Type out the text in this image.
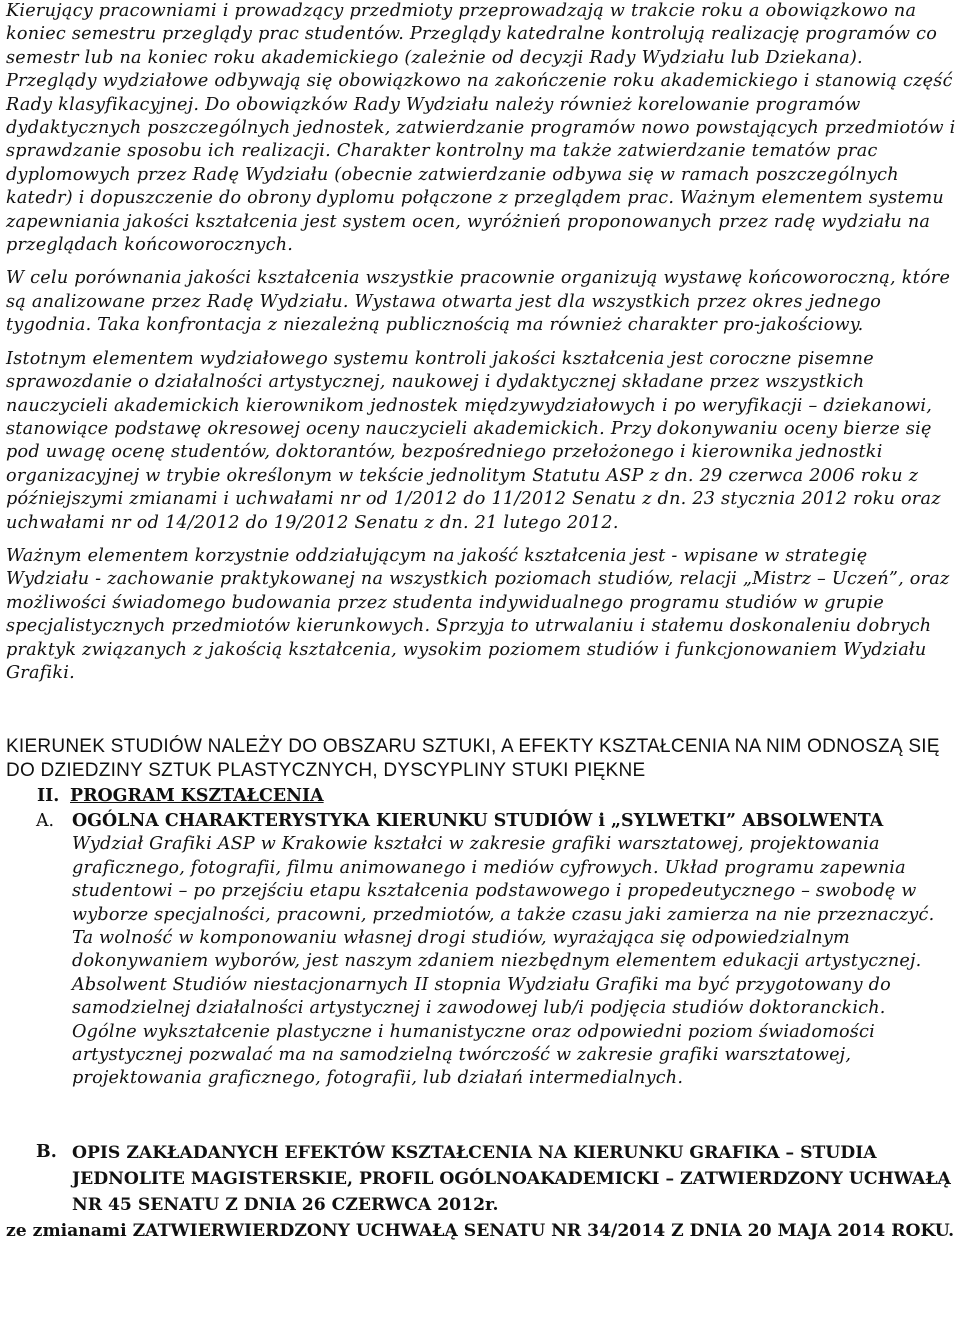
Kierujący pracowniami i prowadzący przedmioty przeprowadzają w trakcie roku a obowiązkowo na koniec semestru przeglądy prac studentów. Przeglądy katedralne kontrolują realizację programów co semestr lub na koniec roku akademickiego (zależnie od decyzji Rady Wydziału lub Dziekana). Przeglądy wydziałowe odbywają się obowiązkowo na zakończenie roku akademickiego i stanowią część Rady klasyfikacyjnej. Do obowiązków Rady Wydziału należy również korelowanie programów dydaktycznych poszczególnych jednostek, zatwierdzanie programów nowo powstających przedmiotów i sprawdzanie sposobu ich realizacji. Charakter kontrolny ma także zatwierdzanie tematów prac dyplomowych przez Radę Wydziału (obecnie zatwierdzanie odbywa się w ramach poszczególnych katedr) i dopuszczenie do obrony dyplomu połączone z przeglądem prac. Ważnym elementem systemu zapewniania jakości kształcenia jest system ocen, wyróżnień proponowanych przez radę wydziału na przeglądach końcoworocznych.

W celu porównania jakości kształcenia wszystkie pracownie organizują wystawę końcoworoczną, które są analizowane przez Radę Wydziału. Wystawa otwarta jest dla wszystkich przez okres jednego tygodnia. Taka konfrontacja z niezależną publicznością ma również charakter pro-jakościowy.

Istotnym elementem wydziałowego systemu kontroli jakości kształcenia jest coroczne pisemne sprawozdanie o działalności artystycznej, naukowej i dydaktycznej składane przez wszystkich nauczycieli akademickich kierownikom jednostek międzywydziałowych i po weryfikacji – dziekanowi, stanowiące podstawę okresowej oceny nauczycieli akademickich. Przy dokonywaniu oceny bierze się pod uwagę ocenę studentów, doktorantów, bezpośredniego przełożonego i kierownika jednostki organizacyjnej w trybie określonym w tekście jednolitym Statutu ASP z dn. 29 czerwca 2006 roku z późniejszymi zmianami i uchwałami nr od 1/2012 do 11/2012 Senatu z dn. 23 stycznia 2012 roku oraz uchwałami nr od 14/2012 do 19/2012 Senatu z dn. 21 lutego 2012.

Ważnym elementem korzystnie oddziałującym na jakość kształcenia jest - wpisane w strategię Wydziału - zachowanie praktykowanej na wszystkich poziomach studiów, relacji „Mistrz – Uczeń”, oraz możliwości świadomego budowania przez studenta indywidualnego programu studiów w grupie specjalistycznych przedmiotów kierunkowych. Sprzyja to utrwalaniu i stałemu doskonaleniu dobrych praktyk związanych z jakością kształcenia, wysokim poziomem studiów i funkcjonowaniem Wydziału Grafiki.

KIERUNEK STUDIÓW NALEŻY DO OBSZARU SZTUKI, A EFEKTY KSZTAŁCENIA NA NIM ODNOSZĄ SIĘ DO DZIEDZINY SZTUK PLASTYCZNYCH, DYSCYPLINY STUKI PIĘKNE

II. PROGRAM KSZTAŁCENIA
A. OGÓLNA CHARAKTERYSTYKA KIERUNKU STUDIÓW i „SYLWETKI” ABSOLWENTA

Wydział Grafiki ASP w Krakowie kształci w zakresie grafiki warsztatowej, projektowania graficznego, fotografii, filmu animowanego i mediów cyfrowych. Układ programu zapewnia studentowi – po przejściu etapu kształcenia podstawowego i propedeutycznego – swobodę w wyborze specjalności, pracowni, przedmiotów, a także czasu jaki zamierza na nie przeznaczyć. Ta wolność w komponowaniu własnej drogi studiów, wyrażająca się odpowiedzialnym dokonywaniem wyborów, jest naszym zdaniem niezbędnym elementem edukacji artystycznej. Absolwent Studiów niestacjonarnych II stopnia Wydziału Grafiki ma być przygotowany do samodzielnej działalności artystycznej i zawodowej lub/i podjęcia studiów doktoranckich. Ogólne wykształcenie plastyczne i humanistyczne oraz odpowiedni poziom świadomości artystycznej pozwalać ma na samodzielną twórczość w zakresie grafiki warsztatowej, projektowania graficznego, fotografii, lub działań intermedialnych.

B. OPIS ZAKŁADANYCH EFEKTÓW KSZTAŁCENIA NA KIERUNKU GRAFIKA – STUDIA JEDNOLITE MAGISTERSKIE, PROFIL OGÓLNOAKADEMICKI – ZATWIERDZONY UCHWAŁĄ NR 45 SENATU Z DNIA 26 CZERWCA 2012r.
ze zmianami ZATWIERWIERDZONY UCHWAŁĄ SENATU NR 34/2014 Z DNIA 20 MAJA 2014 ROKU.
